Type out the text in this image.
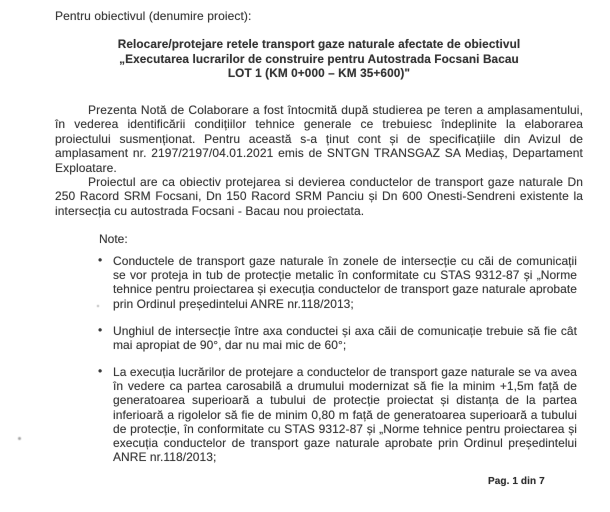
Pentru obiectivul (denumire proiect):
Relocare/protejare retele transport gaze naturale afectate de obiectivul
„Executarea lucrarilor de construire pentru Autostrada Focsani Bacau
LOT 1 (KM 0+000 – KM 35+600)"

Prezenta Notă de Colaborare a fost întocmită după studierea pe teren a amplasamentului, în vederea identificării condițiilor tehnice generale ce trebuiesc îndeplinite la elaborarea proiectului susmenționat. Pentru această s-a ținut cont și de specificațiile din Avizul de amplasament nr. 2197/2197/04.01.2021 emis de SNTGN TRANSGAZ SA Mediaș, Departament Exploatare.

Proiectul are ca obiectiv protejarea si devierea conductelor de transport gaze naturale Dn 250 Racord SRM Focsani, Dn 150 Racord SRM Panciu și Dn 600 Onesti-Sendreni existente la intersecția cu autostrada Focsani - Bacau nou proiectata.

Note:
• Conductele de transport gaze naturale în zonele de intersecție cu căi de comunicații se vor proteja in tub de protecție metalic în conformitate cu STAS 9312-87 și „Norme tehnice pentru proiectarea și execuția conductelor de transport gaze naturale aprobate prin Ordinul președintelui ANRE nr.118/2013;
• Unghiul de intersecție între axa conductei și axa căii de comunicație trebuie să fie cât mai apropiat de 90°, dar nu mai mic de 60°;
• La execuția lucrărilor de protejare a conductelor de transport gaze naturale se va avea în vedere ca partea carosabilă a drumului modernizat să fie la minim +1,5m față de generatoarea superioară a tubului de protecție proiectat și distanța de la partea inferioară a rigolelor să fie de minim 0,80 m față de generatoarea superioară a tubului de protecție, în conformitate cu STAS 9312-87 și „Norme tehnice pentru proiectarea și execuția conductelor de transport gaze naturale aprobate prin Ordinul președintelui ANRE nr.118/2013;
Pag. 1 din 7
